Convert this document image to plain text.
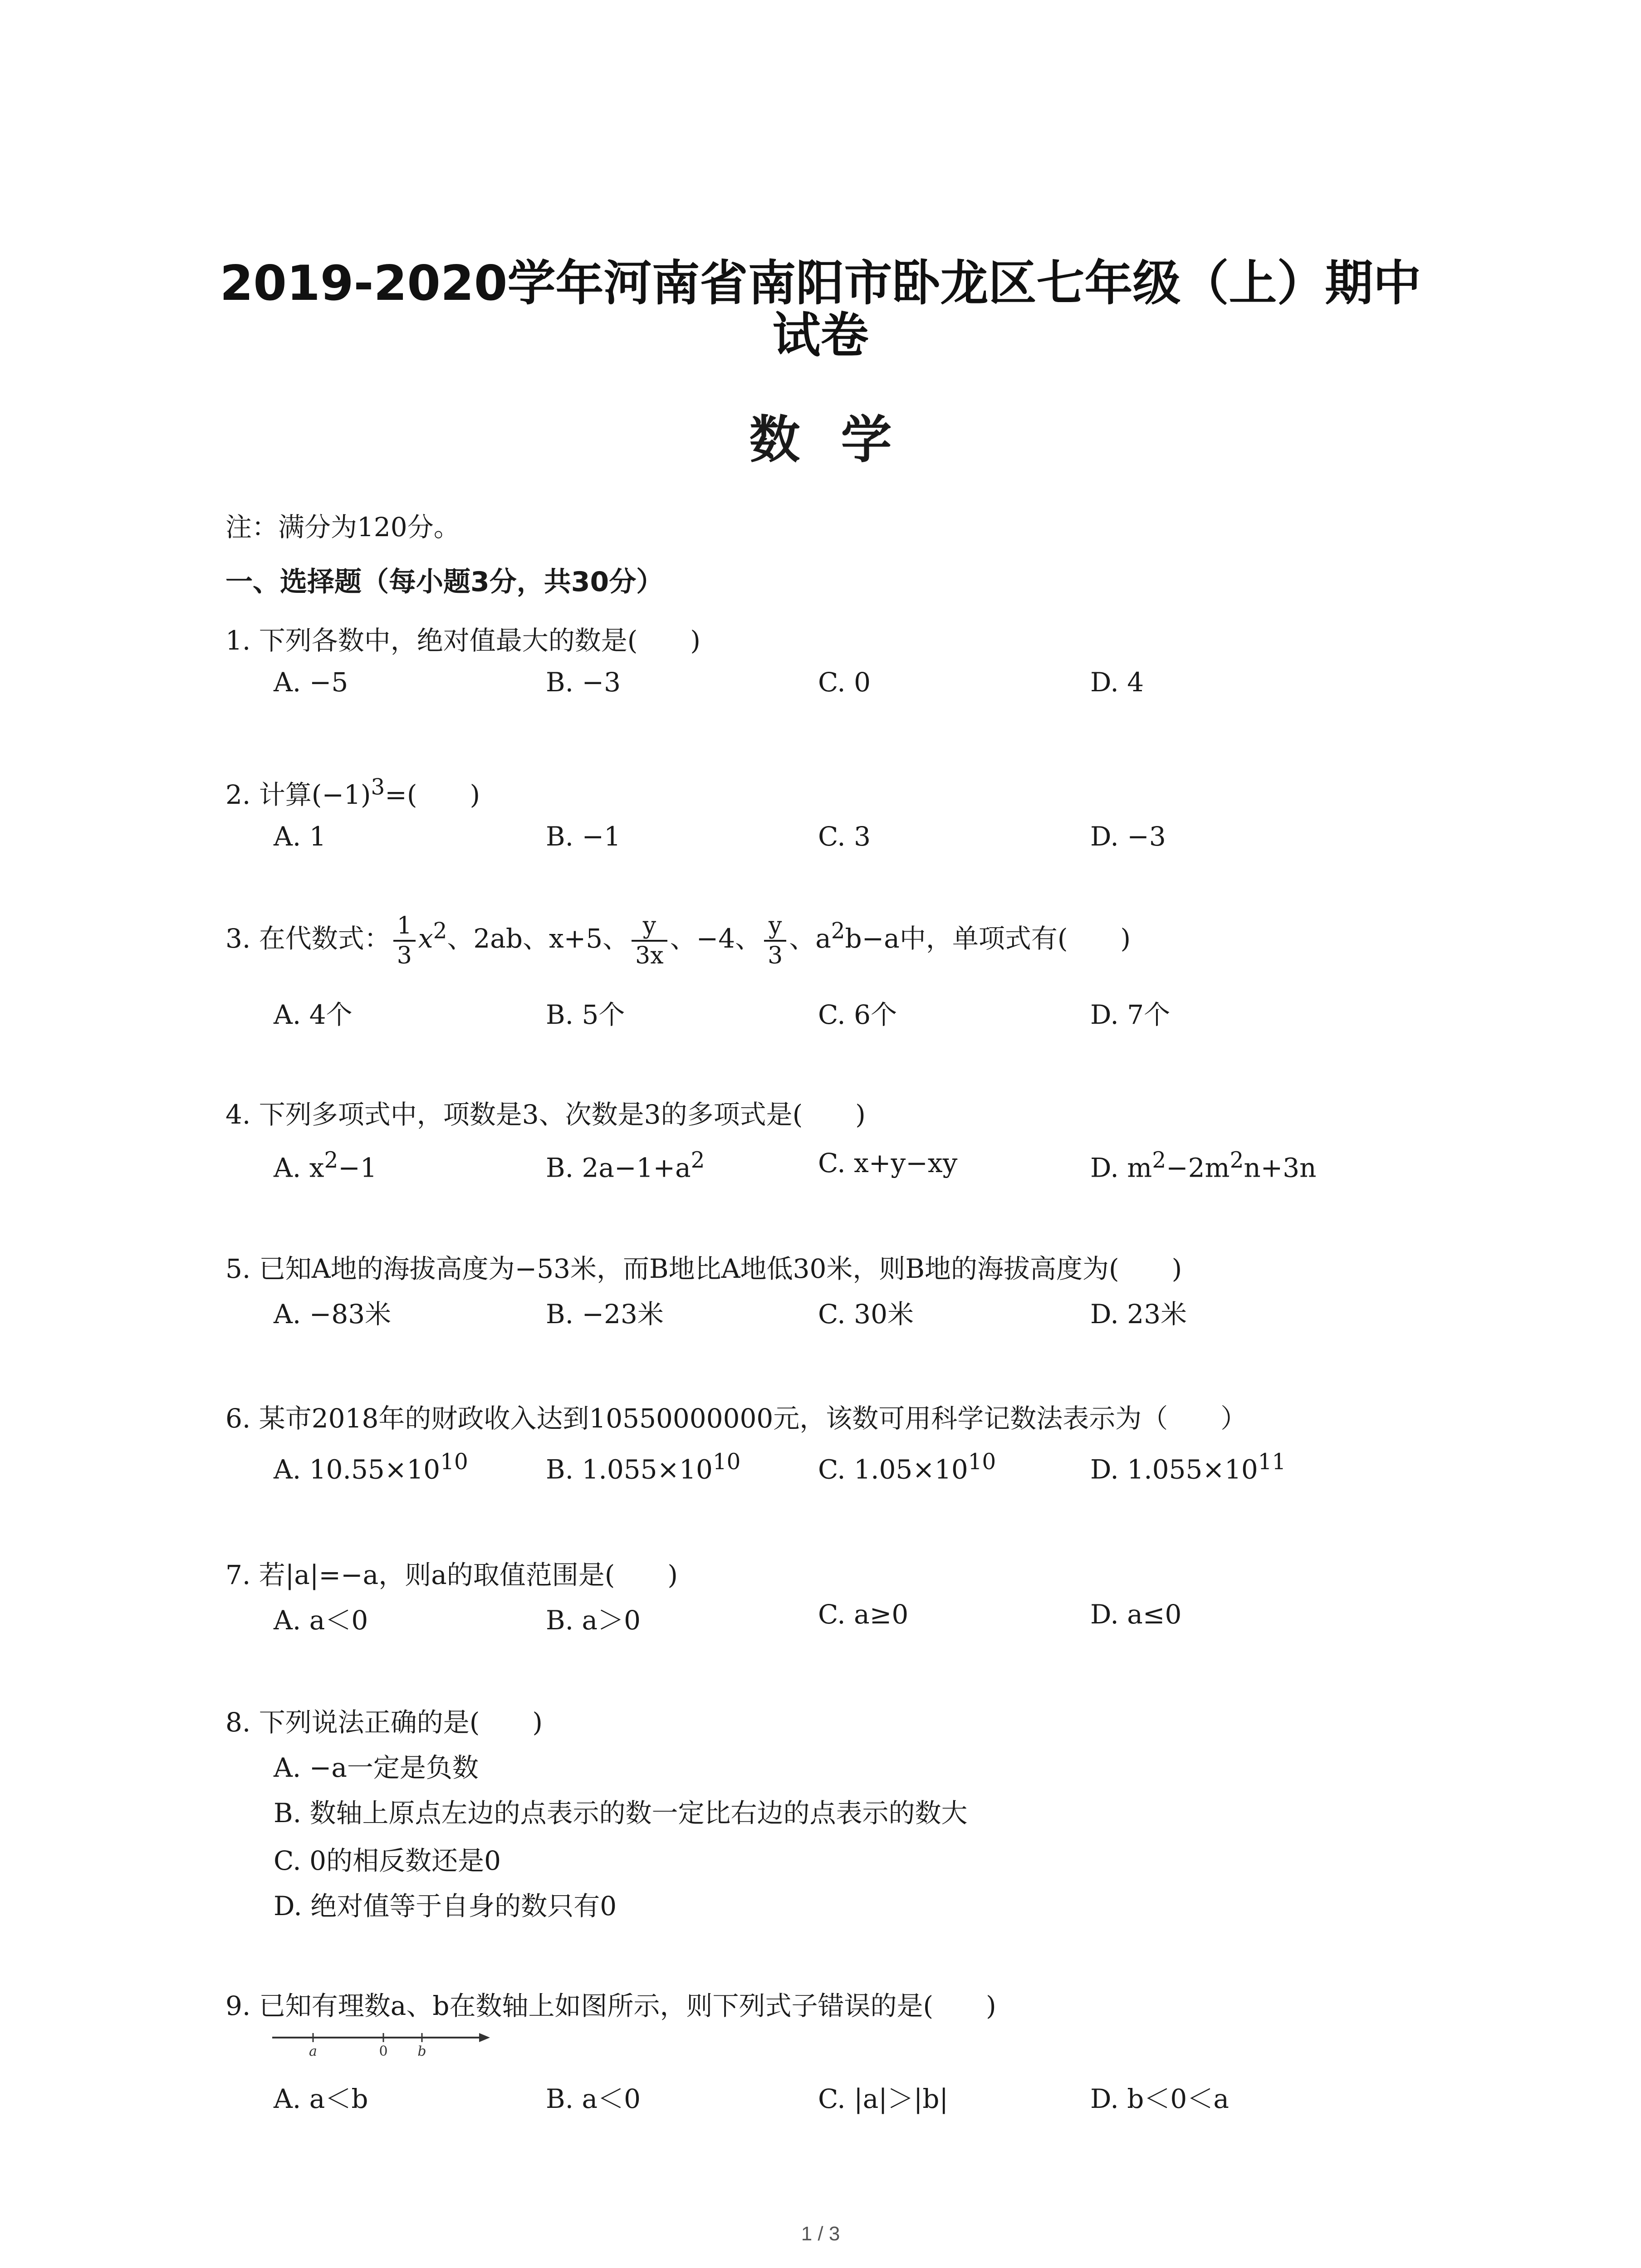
2019-2020学年河南省南阳市卧龙区七年级（上）期中
试卷
数学
注：满分为120分。
一、选择题（每小题3分，共30分）
1. 下列各数中，绝对值最大的数是(　　)
A. −5	B. −3	C. 0	D. 4
2. 计算$(-1)^3=$(　　)
A. 1	B. −1	C. 3	D. −3
3. 在代数式： $\frac{1}{3} x^2$、2ab、x+5、 $\frac{y}{3x}$ 、−4、 $\frac{y}{3}$ 、$a^2b-a$中，单项式有(　　)
A. 4个	B. 5个	C. 6个	D. 7个
4. 下列多项式中，项数是3、次数是3的多项式是(　　)
A. $x^2-1$	B. $2a-1+a^2$	C. x+y−xy	D. $m^2-2m^2n+3n$
5. 已知A地的海拔高度为−53米，而B地比A地低30米，则B地的海拔高度为(　　)
A. −83米	B. −23米	C. 30米	D. 23米
6. 某市2018年的财政收入达到10550000000元，该数可用科学记数法表示为（　　）
A. $10.55\times 10^{10}$	B. $1.055\times 10^{10}$	C. $1.05\times 10^{10}$	D. $1.055\times 10^{11}$
7. 若|a|=−a，则a的取值范围是(　　)
A. a＜0	B. a＞0	C. a≥0	D. a≤0
8. 下列说法正确的是(　　)
A. −a一定是负数
B. 数轴上原点左边的点表示的数一定比右边的点表示的数大
C. 0的相反数还是0
D. 绝对值等于自身的数只有0
9. 已知有理数a、b在数轴上如图所示，则下列式子错误的是(　　)
a	0 b
A. a＜b	B. a＜0	C. |a|＞|b|	D. b＜0＜a
1 / 3
